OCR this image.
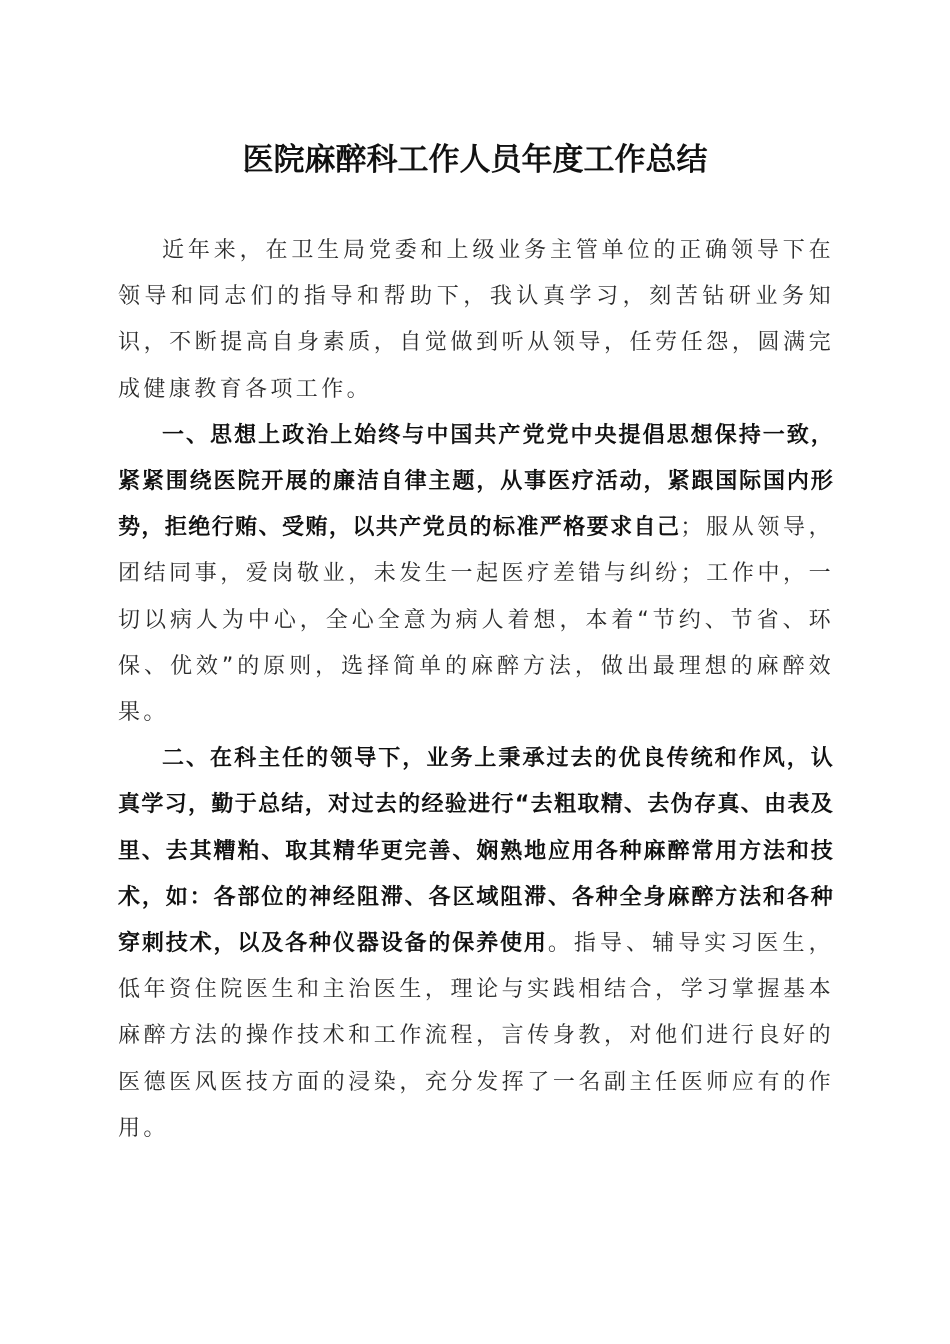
医院麻醉科工作人员年度工作总结

近年来，在卫生局党委和上级业务主管单位的正确领导下在领导和同志们的指导和帮助下，我认真学习，刻苦钻研业务知识，不断提高自身素质，自觉做到听从领导，任劳任怨，圆满完成健康教育各项工作。

一、思想上政治上始终与中国共产党党中央提倡思想保持一致，紧紧围绕医院开展的廉洁自律主题，从事医疗活动，紧跟国际国内形势，拒绝行贿、受贿，以共产党员的标准严格要求自己；服从领导，团结同事，爱岗敬业，未发生一起医疗差错与纠纷；工作中，一切以病人为中心，全心全意为病人着想，本着“节约、节省、环保、优效”的原则，选择简单的麻醉方法，做出最理想的麻醉效果。

二、在科主任的领导下，业务上秉承过去的优良传统和作风，认真学习，勤于总结，对过去的经验进行“去粗取精、去伪存真、由表及里、去其糟粕、取其精华更完善、娴熟地应用各种麻醉常用方法和技术，如：各部位的神经阻滞、各区域阻滞、各种全身麻醉方法和各种穿刺技术，以及各种仪器设备的保养使用。指导、辅导实习医生，低年资住院医生和主治医生，理论与实践相结合，学习掌握基本麻醉方法的操作技术和工作流程，言传身教，对他们进行良好的医德医风医技方面的浸染，充分发挥了一名副主任医师应有的作用。
